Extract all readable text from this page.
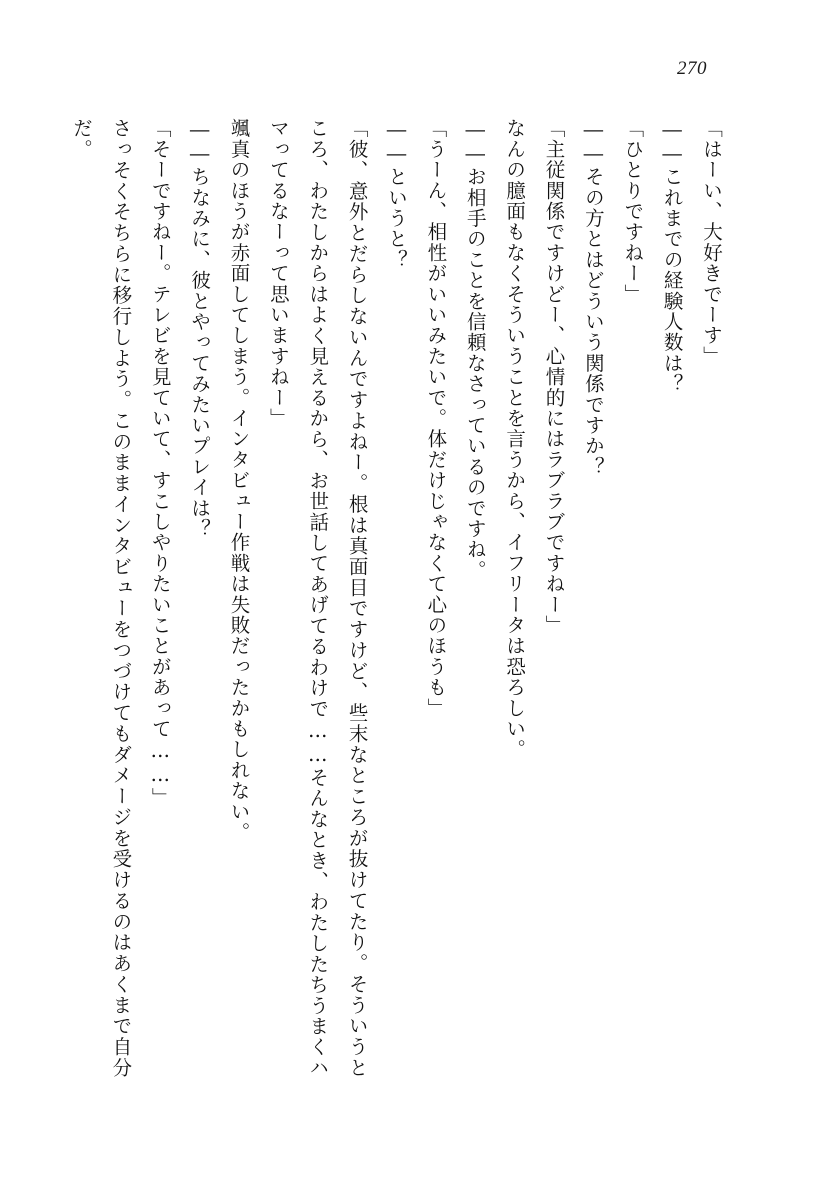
270

「はーい、大好きでーす」

――これまでの経験人数は？

「ひとりですねー」

――その方とはどういう関係ですか？

「主従関係ですけどー、心情的にはラブラブですねー」

なんの臆面もなくそういうことを言うから、イフリータは恐ろしい。

――お相手のことを信頼なさっているのですね。

「うーん、相性がいいみたいで。体だけじゃなくて心のほうも」

――というと？

「彼、意外とだらしないんですよねー。根は真面目ですけど、些末なところが抜けてたり。そういうところ、わたしからはよく見えるから、お世話してあげてるわけで……そんなとき、わたしたちうまくハマってるなーって思いますねー」

颯真のほうが赤面してしまう。インタビュー作戦は失敗だったかもしれない。

――ちなみに、彼とやってみたいプレイは？

「そーですねー。テレビを見ていて、すこしやりたいことがあって……」

さっそくそちらに移行しよう。このままインタビューをつづけてもダメージを受けるのはあくまで自分だ。
